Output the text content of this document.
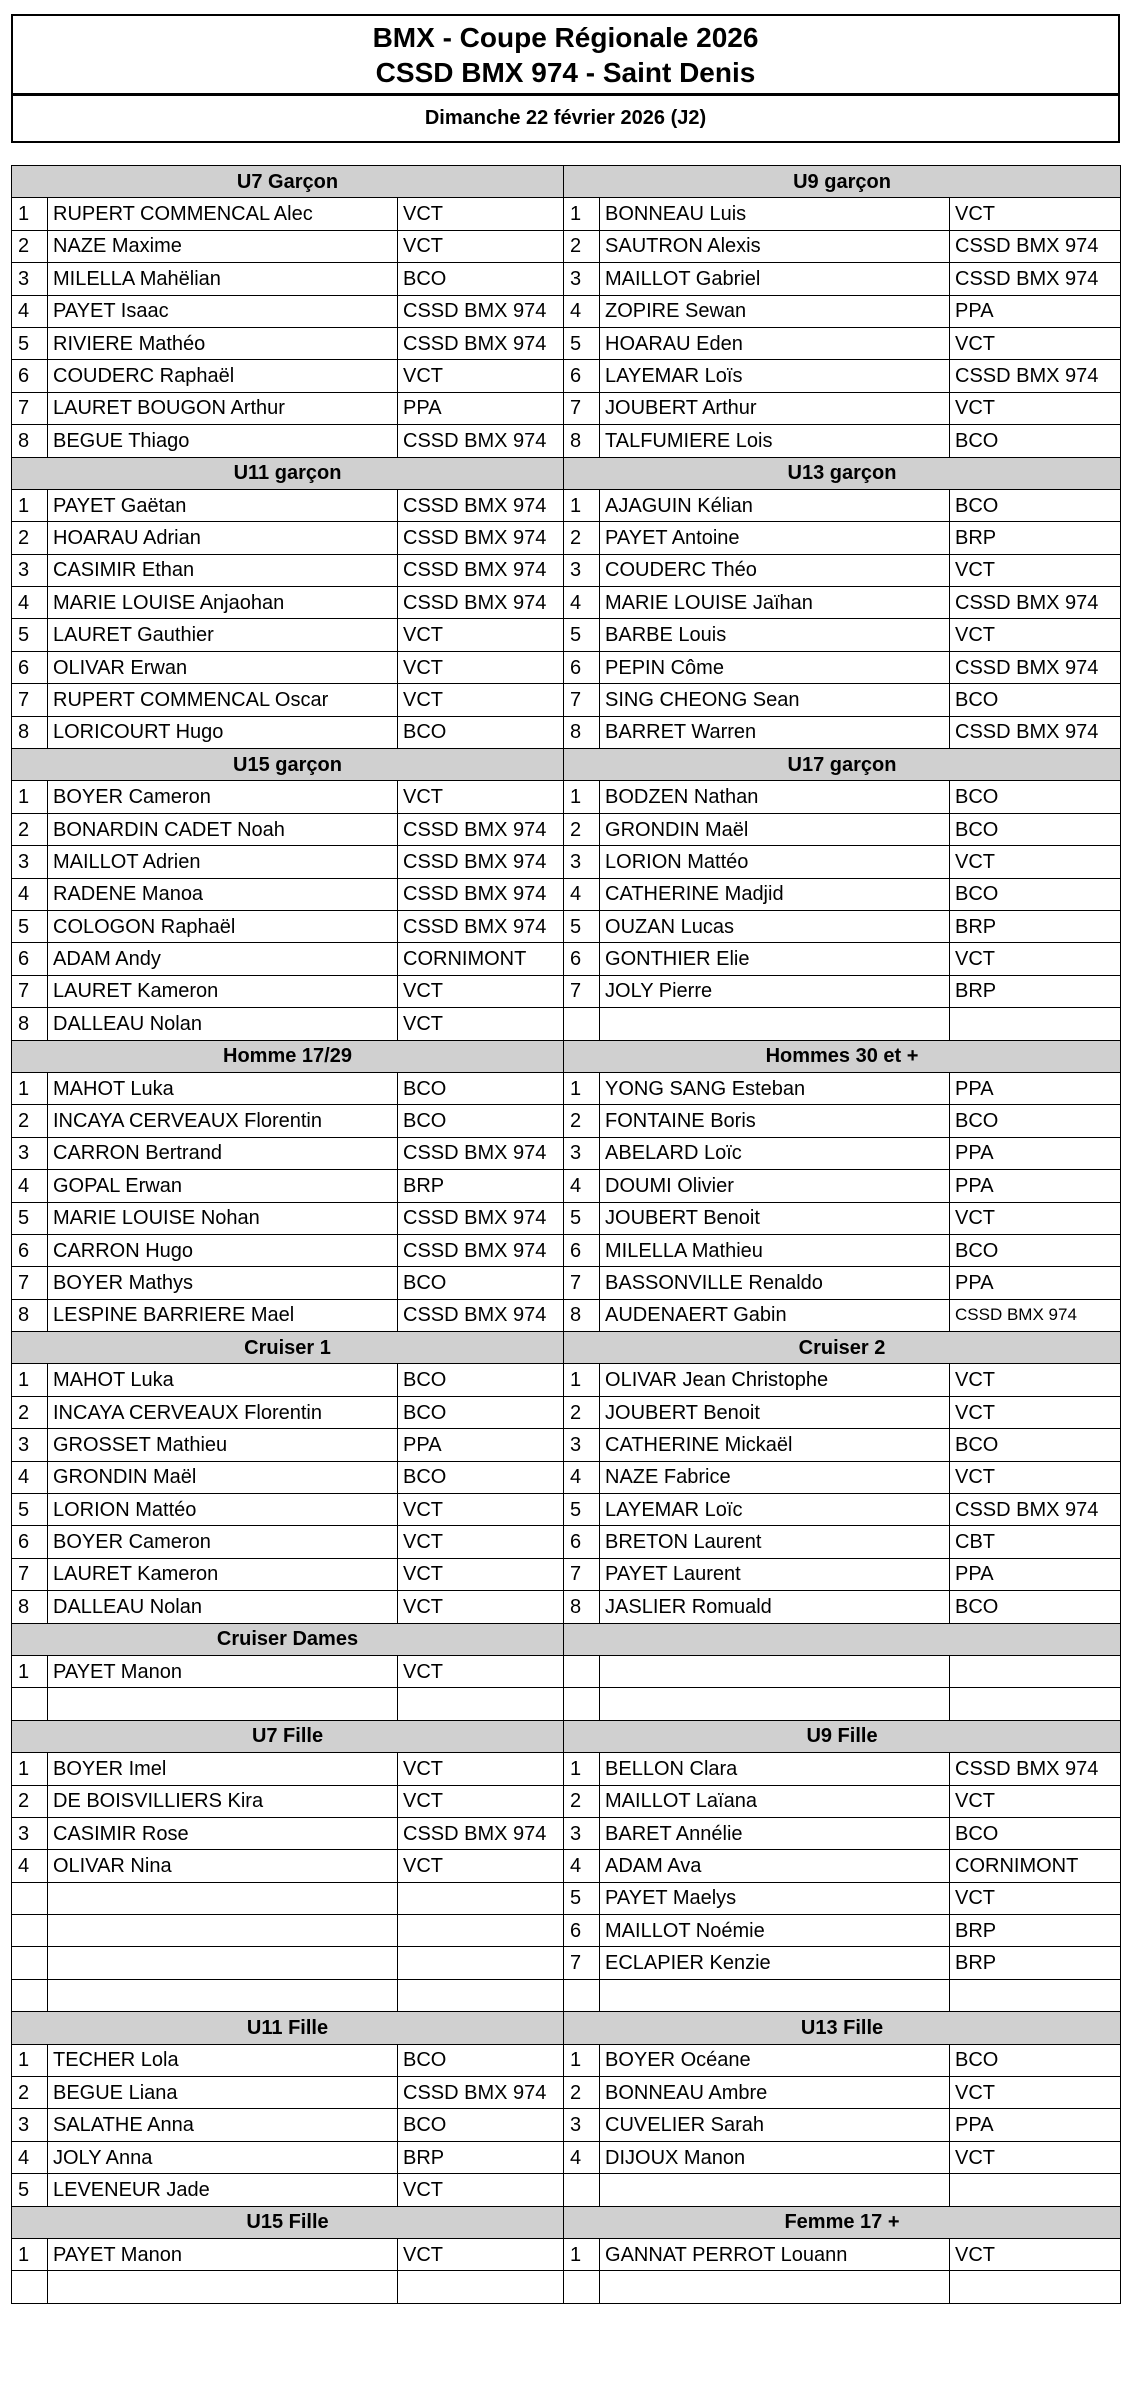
BMX - Coupe Régionale 2026
CSSD BMX 974 - Saint Denis
Dimanche 22 février 2026 (J2)
U7 Garçon			U9 garçon		
1	RUPERT COMMENCAL Alec	VCT	1	BONNEAU Luis	VCT
2	NAZE Maxime	VCT	2	SAUTRON Alexis	CSSD BMX 974
3	MILELLA Mahëlian	BCO	3	MAILLOT Gabriel	CSSD BMX 974
4	PAYET Isaac	CSSD BMX 974	4	ZOPIRE Sewan	PPA
5	RIVIERE Mathéo	CSSD BMX 974	5	HOARAU Eden	VCT
6	COUDERC Raphaël	VCT	6	LAYEMAR Loïs	CSSD BMX 974
7	LAURET BOUGON Arthur	PPA	7	JOUBERT Arthur	VCT
8	BEGUE Thiago	CSSD BMX 974	8	TALFUMIERE Lois	BCO
U11 garçon			U13 garçon		
1	PAYET Gaëtan	CSSD BMX 974	1	AJAGUIN Kélian	BCO
2	HOARAU Adrian	CSSD BMX 974	2	PAYET Antoine	BRP
3	CASIMIR Ethan	CSSD BMX 974	3	COUDERC Théo	VCT
4	MARIE LOUISE Anjaohan	CSSD BMX 974	4	MARIE LOUISE Jaïhan	CSSD BMX 974
5	LAURET Gauthier	VCT	5	BARBE Louis	VCT
6	OLIVAR Erwan	VCT	6	PEPIN Côme	CSSD BMX 974
7	RUPERT COMMENCAL Oscar	VCT	7	SING CHEONG Sean	BCO
8	LORICOURT Hugo	BCO	8	BARRET Warren	CSSD BMX 974
U15 garçon			U17 garçon		
1	BOYER Cameron	VCT	1	BODZEN Nathan	BCO
2	BONARDIN CADET Noah	CSSD BMX 974	2	GRONDIN Maël	BCO
3	MAILLOT Adrien	CSSD BMX 974	3	LORION Mattéo	VCT
4	RADENE Manoa	CSSD BMX 974	4	CATHERINE Madjid	BCO
5	COLOGON Raphaël	CSSD BMX 974	5	OUZAN Lucas	BRP
6	ADAM Andy	CORNIMONT	6	GONTHIER Elie	VCT
7	LAURET Kameron	VCT	7	JOLY Pierre	BRP
8	DALLEAU Nolan	VCT			
Homme 17/29			Hommes 30 et +		
1	MAHOT Luka	BCO	1	YONG SANG Esteban	PPA
2	INCAYA CERVEAUX Florentin	BCO	2	FONTAINE Boris	BCO
3	CARRON Bertrand	CSSD BMX 974	3	ABELARD Loïc	PPA
4	GOPAL Erwan	BRP	4	DOUMI Olivier	PPA
5	MARIE LOUISE Nohan	CSSD BMX 974	5	JOUBERT Benoit	VCT
6	CARRON Hugo	CSSD BMX 974	6	MILELLA Mathieu	BCO
7	BOYER Mathys	BCO	7	BASSONVILLE Renaldo	PPA
8	LESPINE BARRIERE Mael	CSSD BMX 974	8	AUDENAERT Gabin	CSSD BMX 974
Cruiser 1			Cruiser 2		
1	MAHOT Luka	BCO	1	OLIVAR Jean Christophe	VCT
2	INCAYA CERVEAUX Florentin	BCO	2	JOUBERT Benoit	VCT
3	GROSSET Mathieu	PPA	3	CATHERINE Mickaël	BCO
4	GRONDIN Maël	BCO	4	NAZE Fabrice	VCT
5	LORION Mattéo	VCT	5	LAYEMAR Loïc	CSSD BMX 974
6	BOYER Cameron	VCT	6	BRETON Laurent	CBT
7	LAURET Kameron	VCT	7	PAYET Laurent	PPA
8	DALLEAU Nolan	VCT	8	JASLIER Romuald	BCO
Cruiser Dames					
1	PAYET Manon	VCT			

U7 Fille			U9 Fille		
1	BOYER Imel	VCT	1	BELLON Clara	CSSD BMX 974
2	DE BOISVILLIERS Kira	VCT	2	MAILLOT Laïana	VCT
3	CASIMIR Rose	CSSD BMX 974	3	BARET Annélie	BCO
4	OLIVAR Nina	VCT	4	ADAM Ava	CORNIMONT
			5	PAYET Maelys	VCT
			6	MAILLOT Noémie	BRP
			7	ECLAPIER Kenzie	BRP

U11 Fille			U13 Fille		
1	TECHER Lola	BCO	1	BOYER Océane	BCO
2	BEGUE Liana	CSSD BMX 974	2	BONNEAU Ambre	VCT
3	SALATHE Anna	BCO	3	CUVELIER Sarah	PPA
4	JOLY Anna	BRP	4	DIJOUX Manon	VCT
5	LEVENEUR Jade	VCT			
U15 Fille			Femme 17 +		
1	PAYET Manon	VCT	1	GANNAT PERROT Louann	VCT
